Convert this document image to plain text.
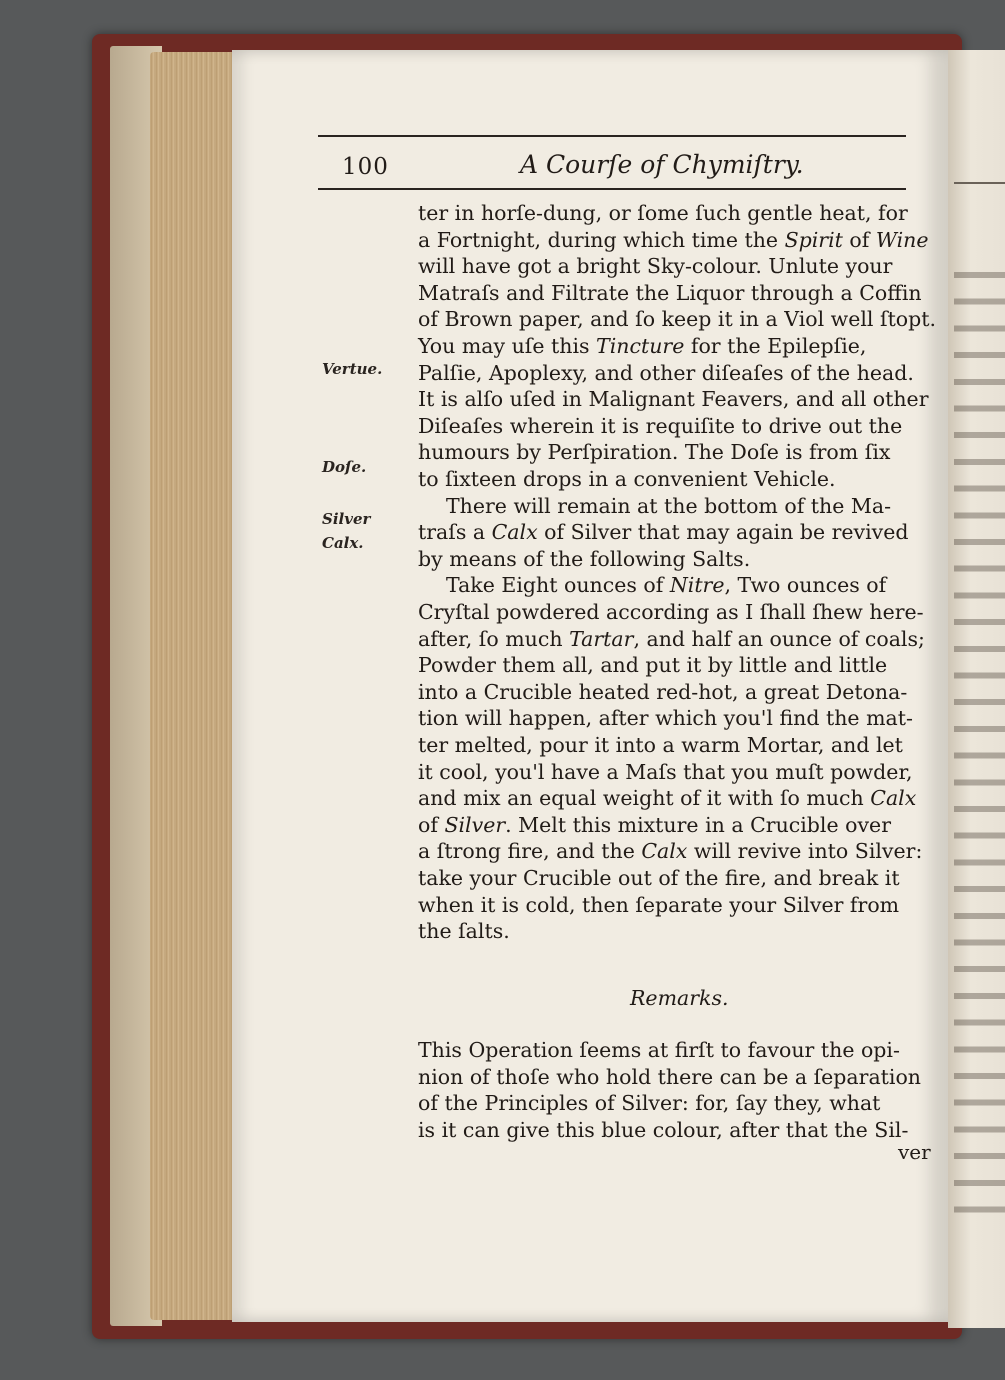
100	A Courſe of Chymiſtry.
Vertue.
Doſe.
Silver
Calx.
ter in horſe-dung, or ſome ſuch gentle heat, for
a Fortnight, during which time the Spirit of Wine
will have got a bright Sky-colour. Unlute your
Matraſs and Filtrate the Liquor through a Coffin
of Brown paper, and ſo keep it in a Viol well ſtopt.
You may uſe this Tincture for the Epilepſie,
Palſie, Apoplexy, and other diſeaſes of the head.
It is alſo uſed in Malignant Feavers, and all other
Diſeaſes wherein it is requiſite to drive out the
humours by Perſpiration. The Doſe is from ſix
to ſixteen drops in a convenient Vehicle.
There will remain at the bottom of the Ma-
traſs a Calx of Silver that may again be revived
by means of the following Salts.
Take Eight ounces of Nitre, Two ounces of
Cryſtal powdered according as I ſhall ſhew here-
after, ſo much Tartar, and half an ounce of coals;
Powder them all, and put it by little and little
into a Crucible heated red-hot, a great Detona-
tion will happen, after which you'l find the mat-
ter melted, pour it into a warm Mortar, and let
it cool, you'l have a Maſs that you muſt powder,
and mix an equal weight of it with ſo much Calx
of Silver. Melt this mixture in a Crucible over
a ſtrong fire, and the Calx will revive into Silver:
take your Crucible out of the fire, and break it
when it is cold, then ſeparate your Silver from
the ſalts.
Remarks.
This Operation ſeems at firſt to favour the opi-
nion of thoſe who hold there can be a ſeparation
of the Principles of Silver: for, ſay they, what
is it can give this blue colour, after that the Sil-
ver
